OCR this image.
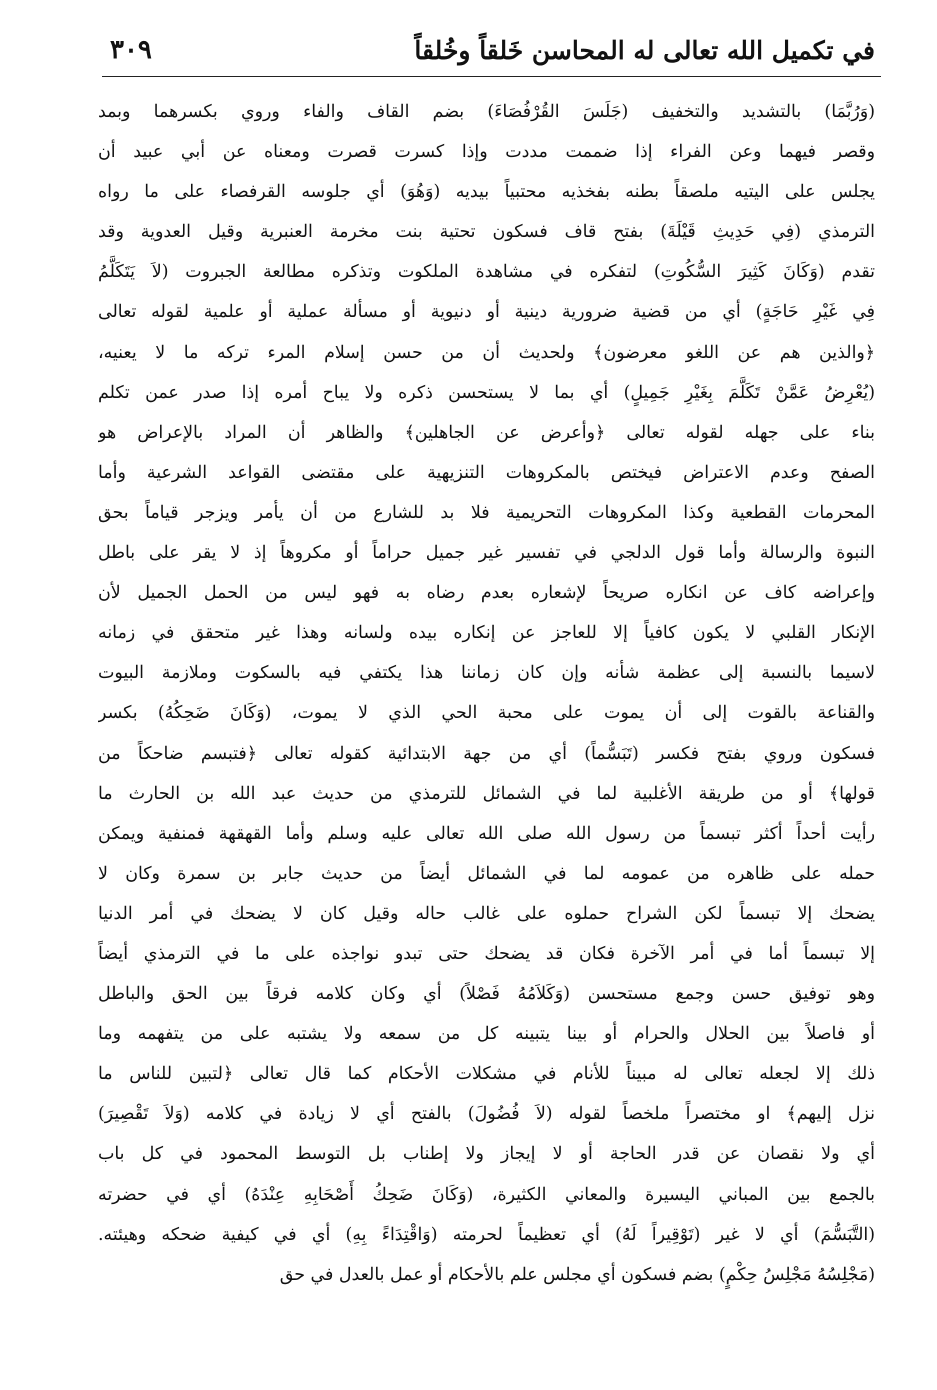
في تكميل الله تعالى له المحاسن خَلقاً وخُلقاً
٣٠٩
(وَرُبَّمَا) بالتشديد والتخفيف (جَلَسَ القُرْفُصَاءَ) بضم القاف والفاء وروي بكسرهما وبمد
وقصر فيهما وعن الفراء إذا ضممت مددت وإذا كسرت قصرت ومعناه عن أبي عبيد أن
يجلس على اليتيه ملصقاً بطنه بفخذيه محتبياً بيديه (وَهُوَ) أي جلوسه القرفصاء على ما رواه
الترمذي (فِي حَدِيثِ قَيْلَةَ) بفتح قاف فسكون تحتية بنت مخرمة العنبرية وقيل العدوية وقد
تقدم (وَكَانَ كَثِيرَ السُّكُوتِ) لتفكره في مشاهدة الملكوت وتذكره مطالعة الجبروت (لاَ يَتَكَلَّمُ
فِي غَيْرِ حَاجَةٍ) أي من قضية ضرورية دينية أو دنيوية أو مسألة عملية أو علمية لقوله تعالى
﴿والذين هم عن اللغو معرضون﴾ ولحديث أن من حسن إسلام المرء تركه ما لا يعنيه،
(يُعْرِضُ عَمَّنْ تَكَلَّمَ بِغَيْرِ جَمِيلٍ) أي بما لا يستحسن ذكره ولا يباح أمره إذا صدر عمن تكلم
بناء على جهله لقوله تعالى ﴿وأعرض عن الجاهلين﴾ والظاهر أن المراد بالإعراض هو
الصفح وعدم الاعتراض فيختص بالمكروهات التنزيهية على مقتضى القواعد الشرعية وأما
المحرمات القطعية وكذا المكروهات التحريمية فلا بد للشارع من أن يأمر ويزجر قياماً بحق
النبوة والرسالة وأما قول الدلجي في تفسير غير جميل حراماً أو مكروهاً إذ لا يقر على باطل
وإعراضه كاف عن انكاره صريحاً لإشعاره بعدم رضاه به فهو ليس من الحمل الجميل لأن
الإنكار القلبي لا يكون كافياً إلا للعاجز عن إنكاره بيده ولسانه وهذا غير متحقق في زمانه
لاسيما بالنسبة إلى عظمة شأنه وإن كان زماننا هذا يكتفي فيه بالسكوت وملازمة البيوت
والقناعة بالقوت إلى أن يموت على محبة الحي الذي لا يموت، (وَكَانَ ضَحِكُهُ) بكسر
فسكون وروي بفتح فكسر (تَبَسُّماً) أي من جهة الابتدائية كقوله تعالى ﴿فتبسم ضاحكاً من
قولها﴾ أو من طريقة الأغلبية لما في الشمائل للترمذي من حديث عبد الله بن الحارث ما
رأيت أحداً أكثر تبسماً من رسول الله صلى الله تعالى عليه وسلم وأما القهقهة فمنفية ويمكن
حمله على ظاهره من عمومه لما في الشمائل أيضاً من حديث جابر بن سمرة وكان لا
يضحك إلا تبسماً لكن الشراح حملوه على غالب حاله وقيل كان لا يضحك في أمر الدنيا
إلا تبسماً أما في أمر الآخرة فكان قد يضحك حتى تبدو نواجذه على ما في الترمذي أيضاً
وهو توفيق حسن وجمع مستحسن (وَكَلاَمُهُ فَصْلاً) أي وكان كلامه فرقاً بين الحق والباطل
أو فاصلاً بين الحلال والحرام أو بينا يتبينه كل من سمعه ولا يشتبه على من يتفهمه وما
ذلك إلا لجعله تعالى له مبيناً للأنام في مشكلات الأحكام كما قال تعالى ﴿لتبين للناس ما
نزل إليهم﴾ او مختصراً ملخصاً لقوله (لاَ فُضُولَ) بالفتح أي لا زيادة في كلامه (وَلاَ تَقْصِيرَ)
أي ولا نقصان عن قدر الحاجة أو لا إيجاز ولا إطناب بل التوسط المحمود في كل باب
بالجمع بين المباني اليسيرة والمعاني الكثيرة، (وَكَانَ ضَحِكُ أَصْحَابِهِ عِنْدَهُ) أي في حضرته
(التَّبَسُّمَ) أي لا غير (تَوْقِيراً لَهُ) أي تعظيماً لحرمته (وَاقْتِدَاءً بِهِ) أي في كيفية ضحكه وهيئته.
(مَجْلِسُهُ مَجْلِسُ حِكْمٍ) بضم فسكون أي مجلس علم بالأحكام أو عمل بالعدل في حق
